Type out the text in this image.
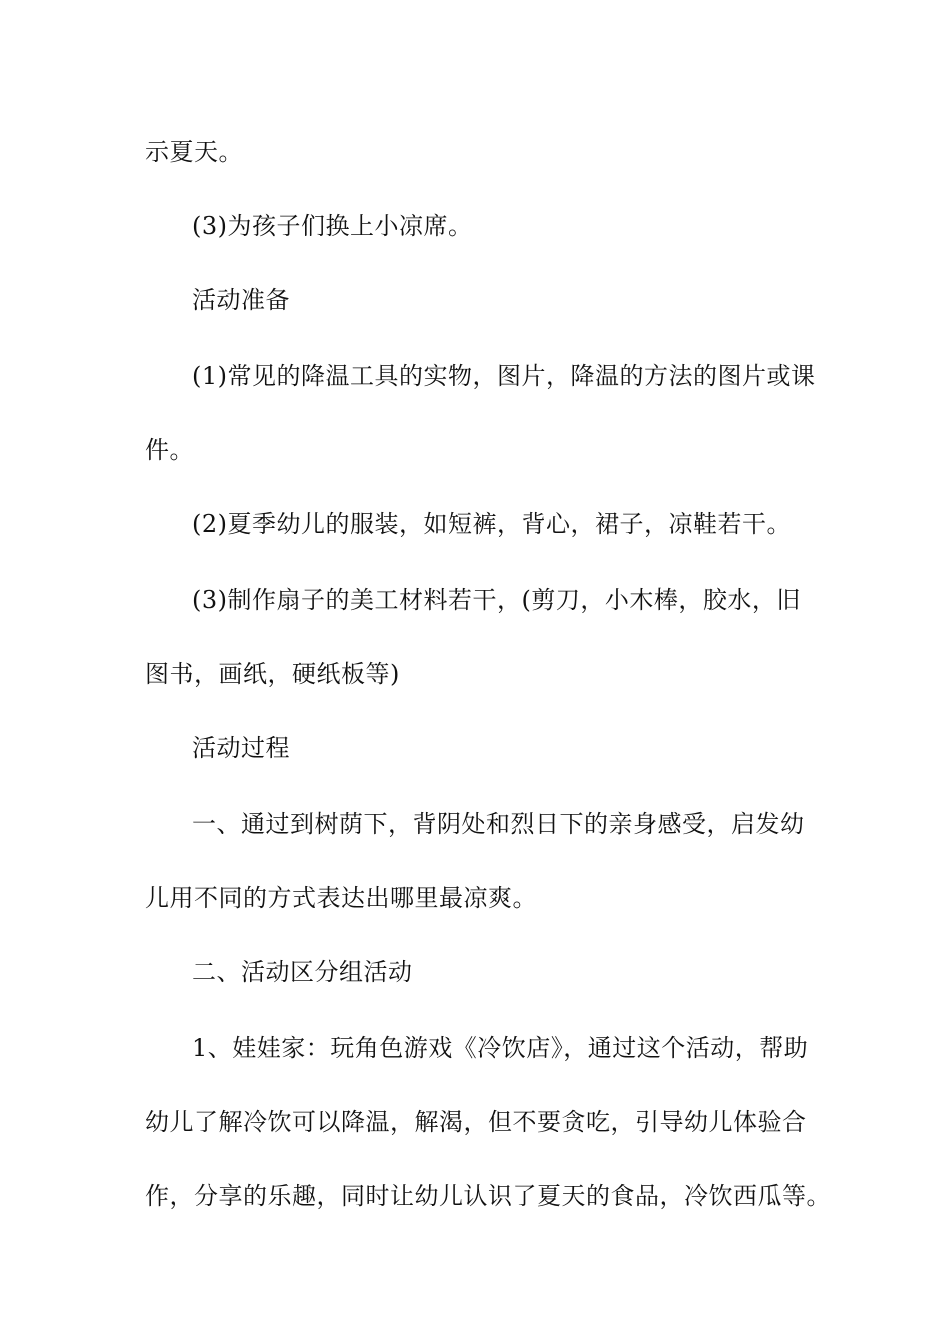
示夏天。
(3)为孩子们换上小凉席。
活动准备
(1)常见的降温工具的实物，图片，降温的方法的图片或课
件。
(2)夏季幼儿的服装，如短裤，背心，裙子，凉鞋若干。
(3)制作扇子的美工材料若干，(剪刀，小木棒，胶水，旧
图书，画纸，硬纸板等)
活动过程
一、通过到树荫下，背阴处和烈日下的亲身感受，启发幼
儿用不同的方式表达出哪里最凉爽。
二、活动区分组活动
1、娃娃家：玩角色游戏《冷饮店》，通过这个活动，帮助
幼儿了解冷饮可以降温，解渴，但不要贪吃，引导幼儿体验合
作，分享的乐趣，同时让幼儿认识了夏天的食品，冷饮西瓜等。
